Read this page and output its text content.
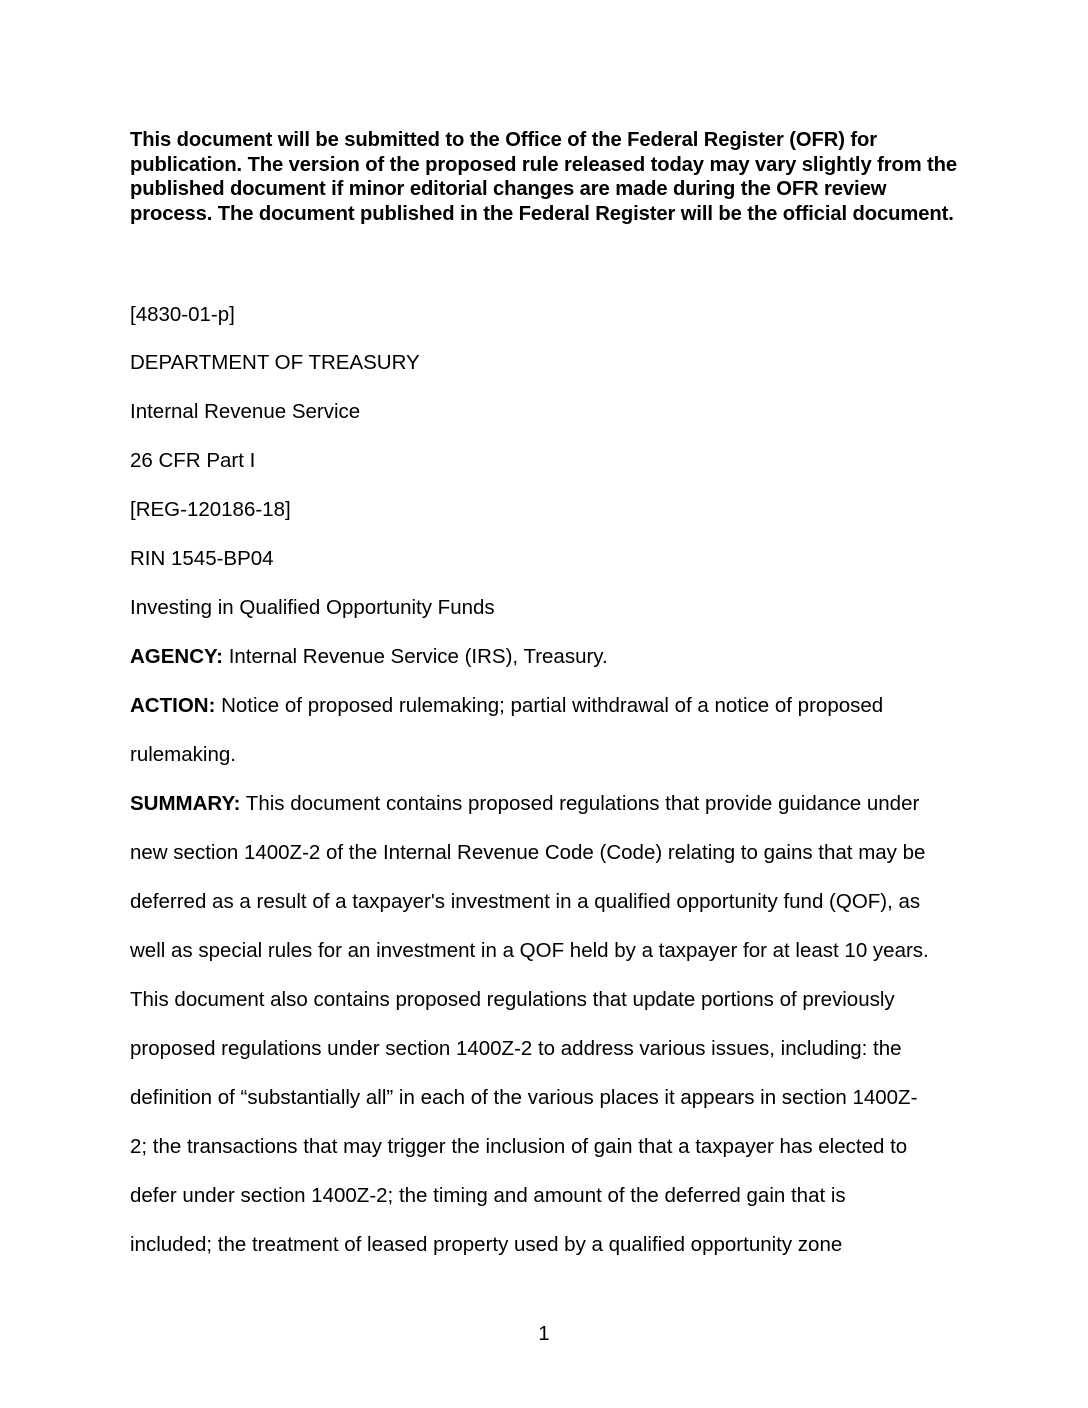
This document will be submitted to the Office of the Federal Register (OFR) for publication. The version of the proposed rule released today may vary slightly from the published document if minor editorial changes are made during the OFR review process. The document published in the Federal Register will be the official document.
[4830-01-p]
DEPARTMENT OF TREASURY
Internal Revenue Service
26 CFR Part I
[REG-120186-18]
RIN 1545-BP04
Investing in Qualified Opportunity Funds
AGENCY: Internal Revenue Service (IRS), Treasury.
ACTION: Notice of proposed rulemaking; partial withdrawal of a notice of proposed
rulemaking.
SUMMARY: This document contains proposed regulations that provide guidance under
new section 1400Z-2 of the Internal Revenue Code (Code) relating to gains that may be
deferred as a result of a taxpayer's investment in a qualified opportunity fund (QOF), as
well as special rules for an investment in a QOF held by a taxpayer for at least 10 years.
This document also contains proposed regulations that update portions of previously
proposed regulations under section 1400Z-2 to address various issues, including: the
definition of “substantially all” in each of the various places it appears in section 1400Z-
2; the transactions that may trigger the inclusion of gain that a taxpayer has elected to
defer under section 1400Z-2; the timing and amount of the deferred gain that is
included; the treatment of leased property used by a qualified opportunity zone
1
